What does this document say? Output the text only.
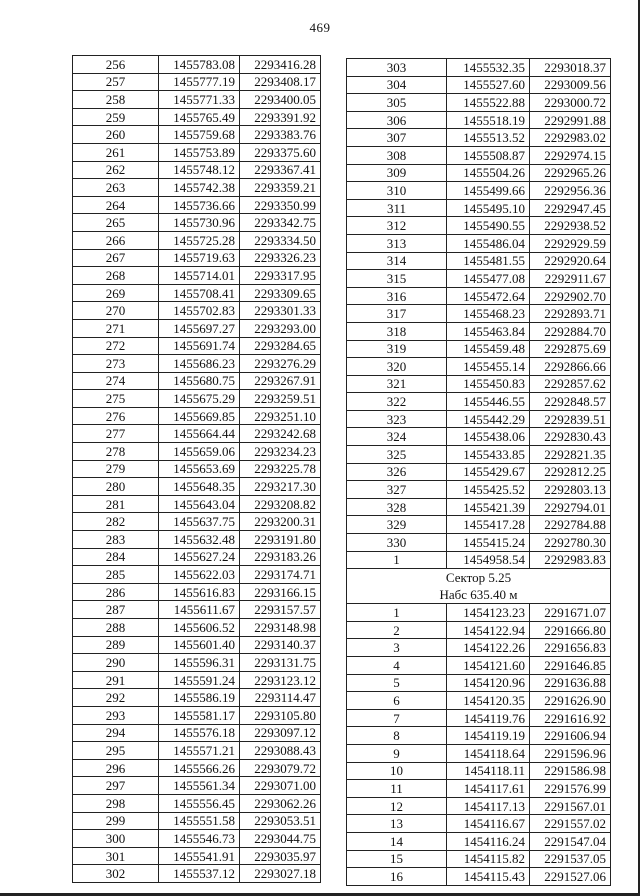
469
256	1455783.08	2293416.28
257	1455777.19	2293408.17
258	1455771.33	2293400.05
259	1455765.49	2293391.92
260	1455759.68	2293383.76
261	1455753.89	2293375.60
262	1455748.12	2293367.41
263	1455742.38	2293359.21
264	1455736.66	2293350.99
265	1455730.96	2293342.75
266	1455725.28	2293334.50
267	1455719.63	2293326.23
268	1455714.01	2293317.95
269	1455708.41	2293309.65
270	1455702.83	2293301.33
271	1455697.27	2293293.00
272	1455691.74	2293284.65
273	1455686.23	2293276.29
274	1455680.75	2293267.91
275	1455675.29	2293259.51
276	1455669.85	2293251.10
277	1455664.44	2293242.68
278	1455659.06	2293234.23
279	1455653.69	2293225.78
280	1455648.35	2293217.30
281	1455643.04	2293208.82
282	1455637.75	2293200.31
283	1455632.48	2293191.80
284	1455627.24	2293183.26
285	1455622.03	2293174.71
286	1455616.83	2293166.15
287	1455611.67	2293157.57
288	1455606.52	2293148.98
289	1455601.40	2293140.37
290	1455596.31	2293131.75
291	1455591.24	2293123.12
292	1455586.19	2293114.47
293	1455581.17	2293105.80
294	1455576.18	2293097.12
295	1455571.21	2293088.43
296	1455566.26	2293079.72
297	1455561.34	2293071.00
298	1455556.45	2293062.26
299	1455551.58	2293053.51
300	1455546.73	2293044.75
301	1455541.91	2293035.97
302	1455537.12	2293027.18
303	1455532.35	2293018.37
304	1455527.60	2293009.56
305	1455522.88	2293000.72
306	1455518.19	2292991.88
307	1455513.52	2292983.02
308	1455508.87	2292974.15
309	1455504.26	2292965.26
310	1455499.66	2292956.36
311	1455495.10	2292947.45
312	1455490.55	2292938.52
313	1455486.04	2292929.59
314	1455481.55	2292920.64
315	1455477.08	2292911.67
316	1455472.64	2292902.70
317	1455468.23	2292893.71
318	1455463.84	2292884.70
319	1455459.48	2292875.69
320	1455455.14	2292866.66
321	1455450.83	2292857.62
322	1455446.55	2292848.57
323	1455442.29	2292839.51
324	1455438.06	2292830.43
325	1455433.85	2292821.35
326	1455429.67	2292812.25
327	1455425.52	2292803.13
328	1455421.39	2292794.01
329	1455417.28	2292784.88
330	1455415.24	2292780.30
1	1454958.54	2292983.83

Сектор 5.25
Набс 635.40 м		

1	1454123.23	2291671.07
2	1454122.94	2291666.80
3	1454122.26	2291656.83
4	1454121.60	2291646.85
5	1454120.96	2291636.88
6	1454120.35	2291626.90
7	1454119.76	2291616.92
8	1454119.19	2291606.94
9	1454118.64	2291596.96
10	1454118.11	2291586.98
11	1454117.61	2291576.99
12	1454117.13	2291567.01
13	1454116.67	2291557.02
14	1454116.24	2291547.04
15	1454115.82	2291537.05
16	1454115.43	2291527.06
